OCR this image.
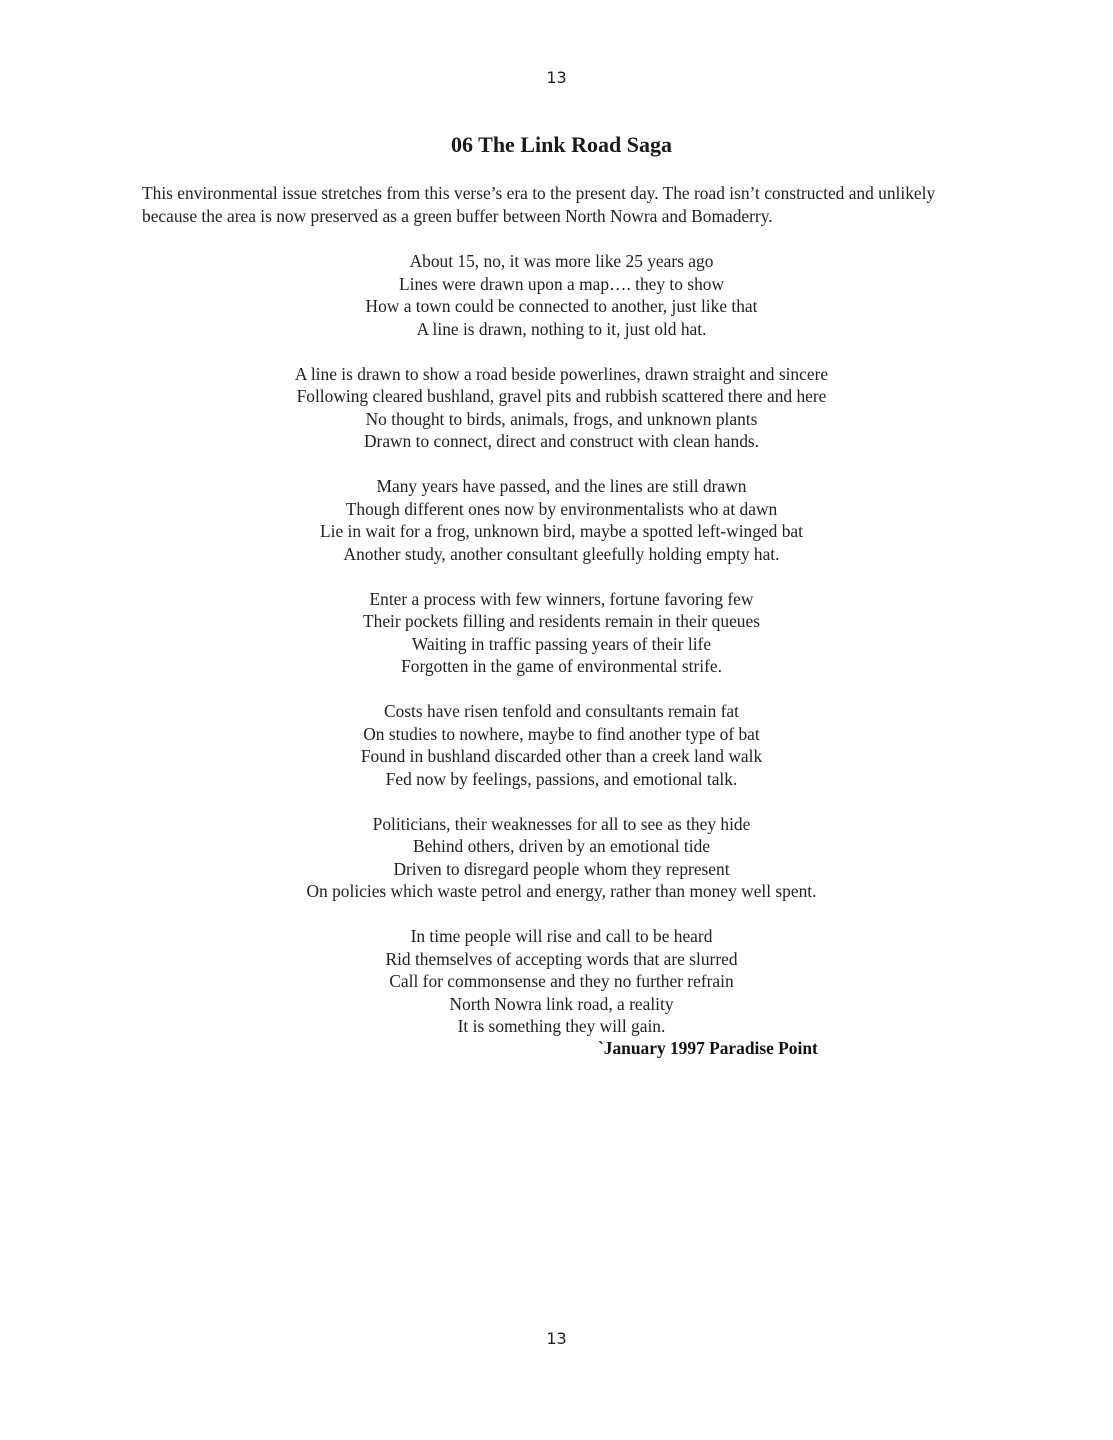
13
06 The Link Road Saga

This environmental issue stretches from this verse’s era to the present day. The road isn’t constructed and unlikely because the area is now preserved as a green buffer between North Nowra and Bomaderry.

About 15, no, it was more like 25 years ago
Lines were drawn upon a map…. they to show
How a town could be connected to another, just like that
A line is drawn, nothing to it, just old hat.
A line is drawn to show a road beside powerlines, drawn straight and sincere
Following cleared bushland, gravel pits and rubbish scattered there and here
No thought to birds, animals, frogs, and unknown plants
Drawn to connect, direct and construct with clean hands.
Many years have passed, and the lines are still drawn
Though different ones now by environmentalists who at dawn
Lie in wait for a frog, unknown bird, maybe a spotted left-winged bat
Another study, another consultant gleefully holding empty hat.
Enter a process with few winners, fortune favoring few
Their pockets filling and residents remain in their queues
Waiting in traffic passing years of their life
Forgotten in the game of environmental strife.
Costs have risen tenfold and consultants remain fat
On studies to nowhere, maybe to find another type of bat
Found in bushland discarded other than a creek land walk
Fed now by feelings, passions, and emotional talk.
Politicians, their weaknesses for all to see as they hide
Behind others, driven by an emotional tide
Driven to disregard people whom they represent
On policies which waste petrol and energy, rather than money well spent.
In time people will rise and call to be heard
Rid themselves of accepting words that are slurred
Call for commonsense and they no further refrain
North Nowra link road, a reality
It is something they will gain.
`January 1997 Paradise Point
13
